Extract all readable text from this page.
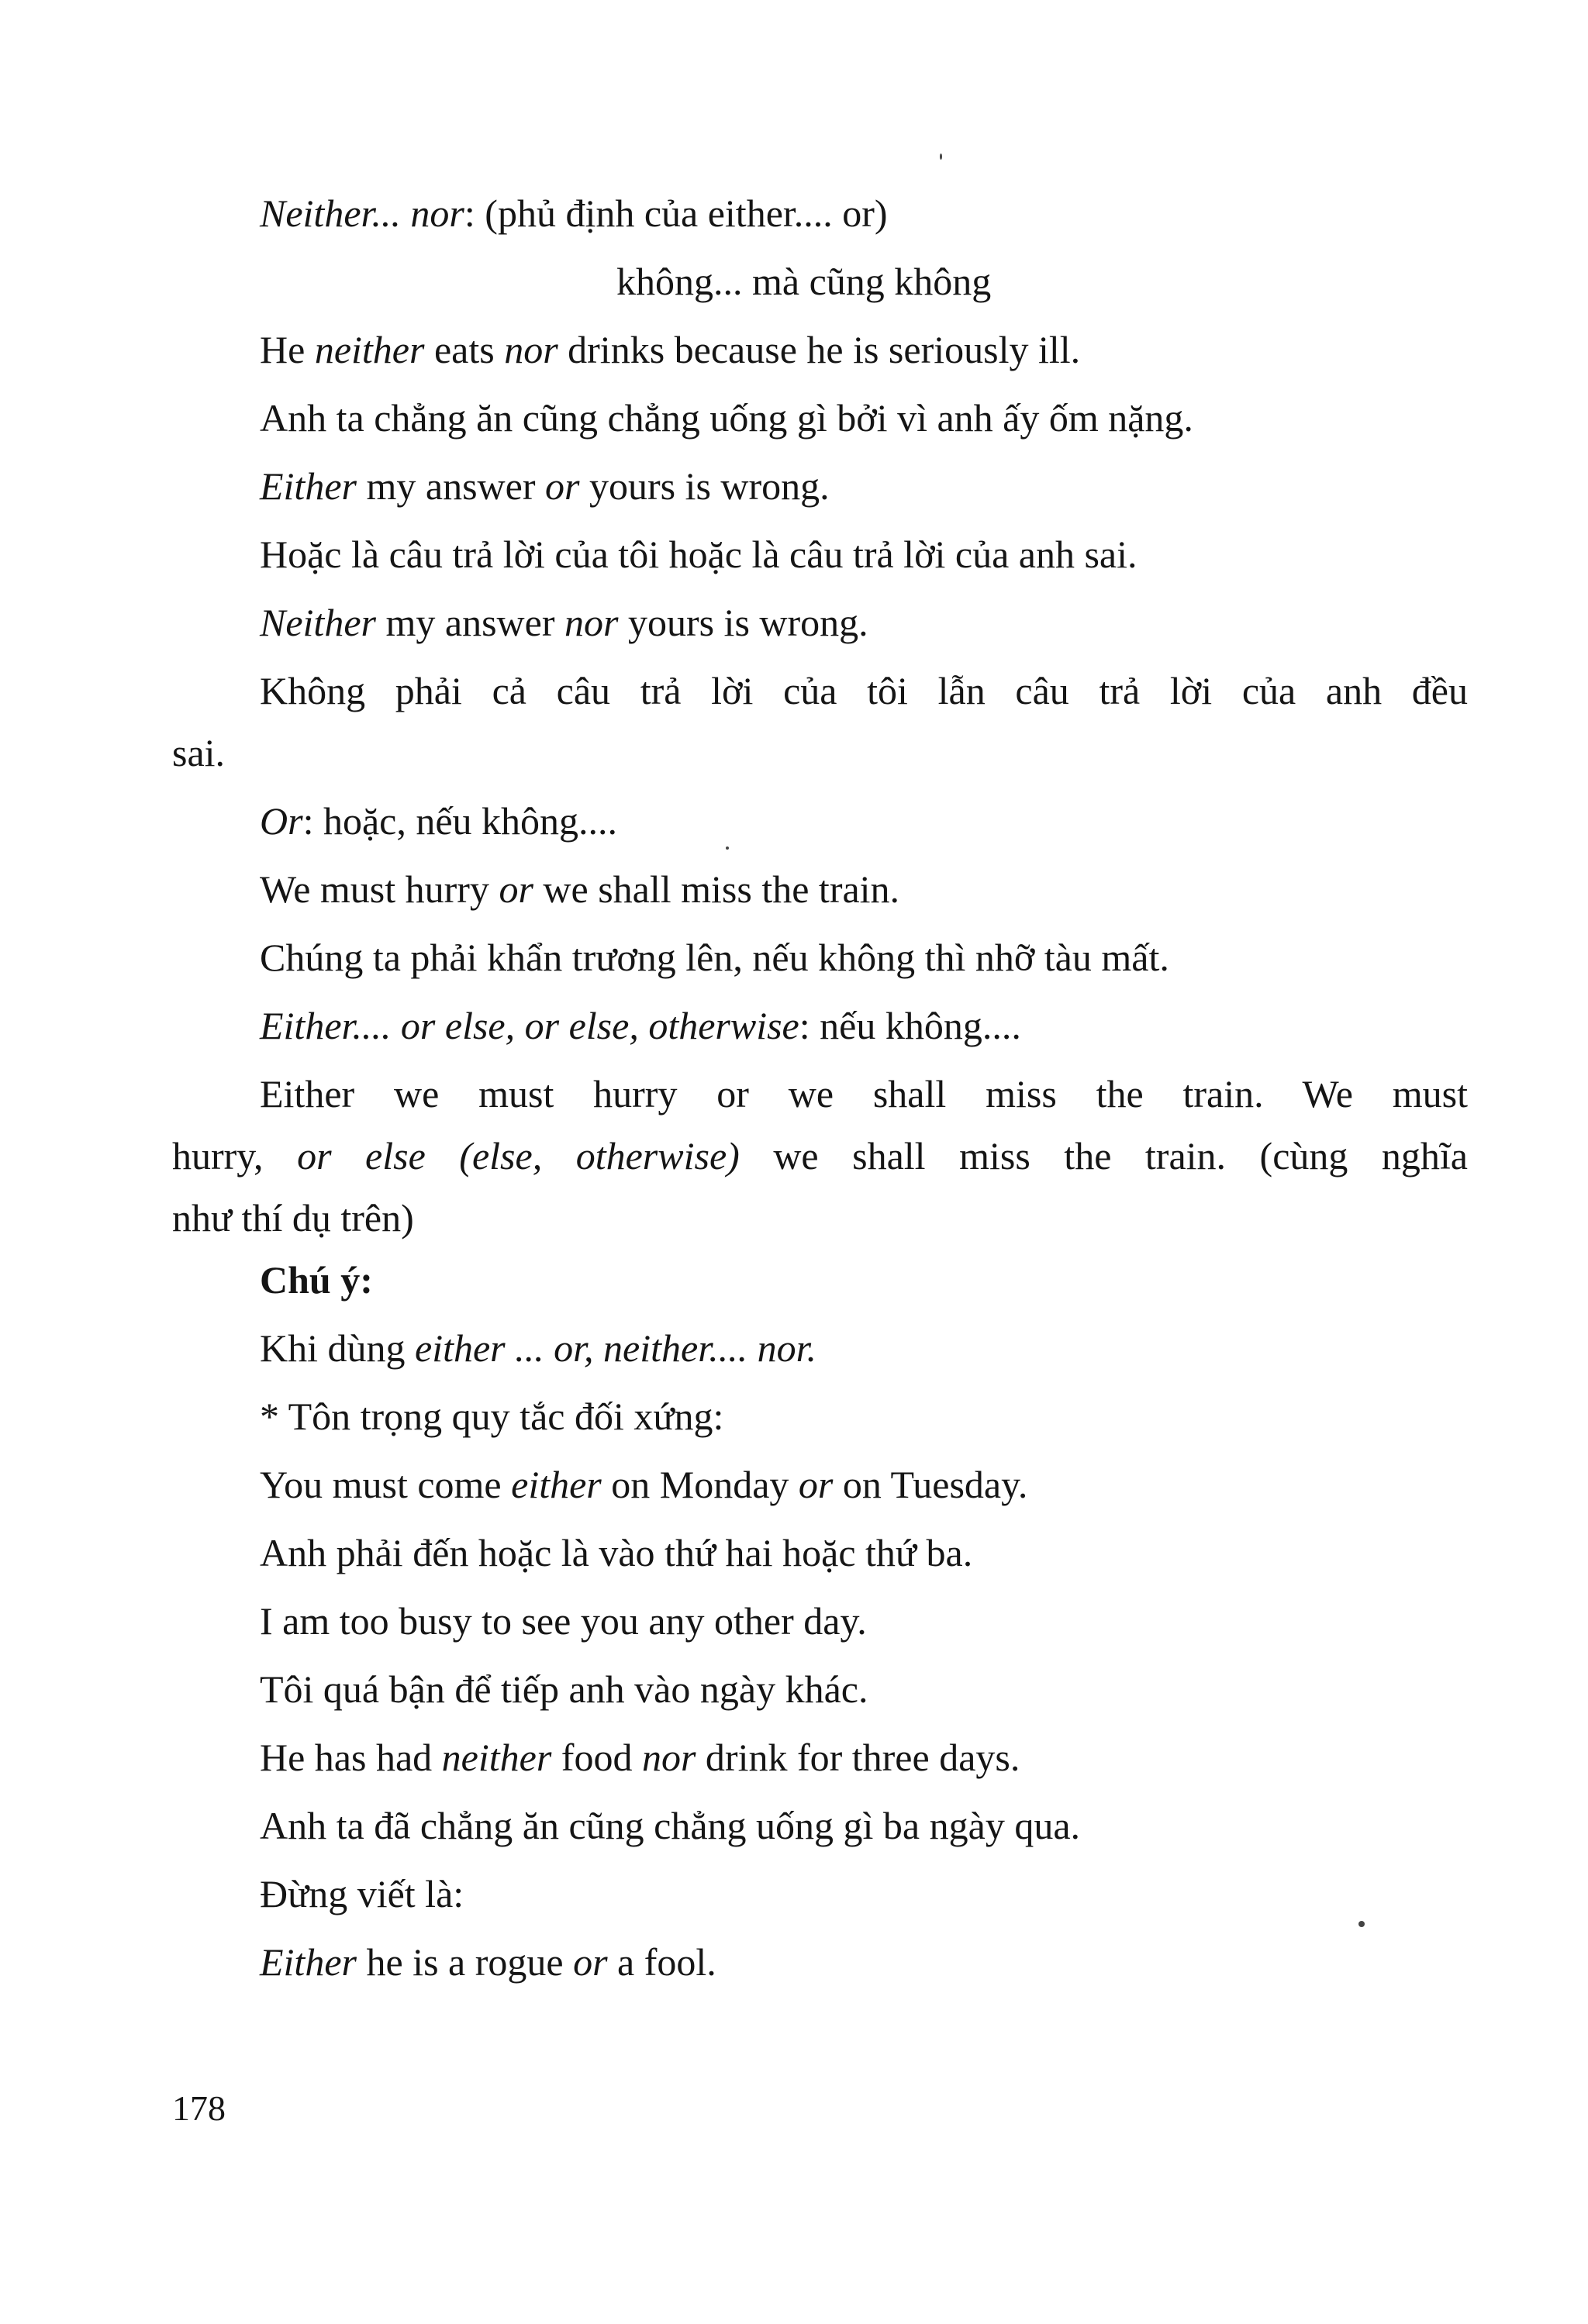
Neither... nor: (phủ định của either.... or)
không... mà cũng không
He neither eats nor drinks because he is seriously ill.
Anh ta chẳng ăn cũng chẳng uống gì bởi vì anh ấy ốm nặng.
Either my answer or yours is wrong.
Hoặc là câu trả lời của tôi hoặc là câu trả lời của anh sai.
Neither my answer nor yours is wrong.
Không phải cả câu trả lời của tôi lẫn câu trả lời của anh đều
sai.
Or: hoặc, nếu không....
We must hurry or we shall miss the train.
Chúng ta phải khẩn trương lên, nếu không thì nhỡ tàu mất.
Either.... or else, or else, otherwise: nếu không....
Either we must hurry or we shall miss the train. We must
hurry, or else (else, otherwise) we shall miss the train. (cùng nghĩa
như thí dụ trên)
Chú ý:
Khi dùng either ... or, neither.... nor.
* Tôn trọng quy tắc đối xứng:
You must come either on Monday or on Tuesday.
Anh phải đến hoặc là vào thứ hai hoặc thứ ba.
I am too busy to see you any other day.
Tôi quá bận để tiếp anh vào ngày khác.
He has had neither food nor drink for three days.
Anh ta đã chẳng ăn cũng chẳng uống gì ba ngày qua.
Đừng viết là:
Either he is a rogue or a fool.
178
